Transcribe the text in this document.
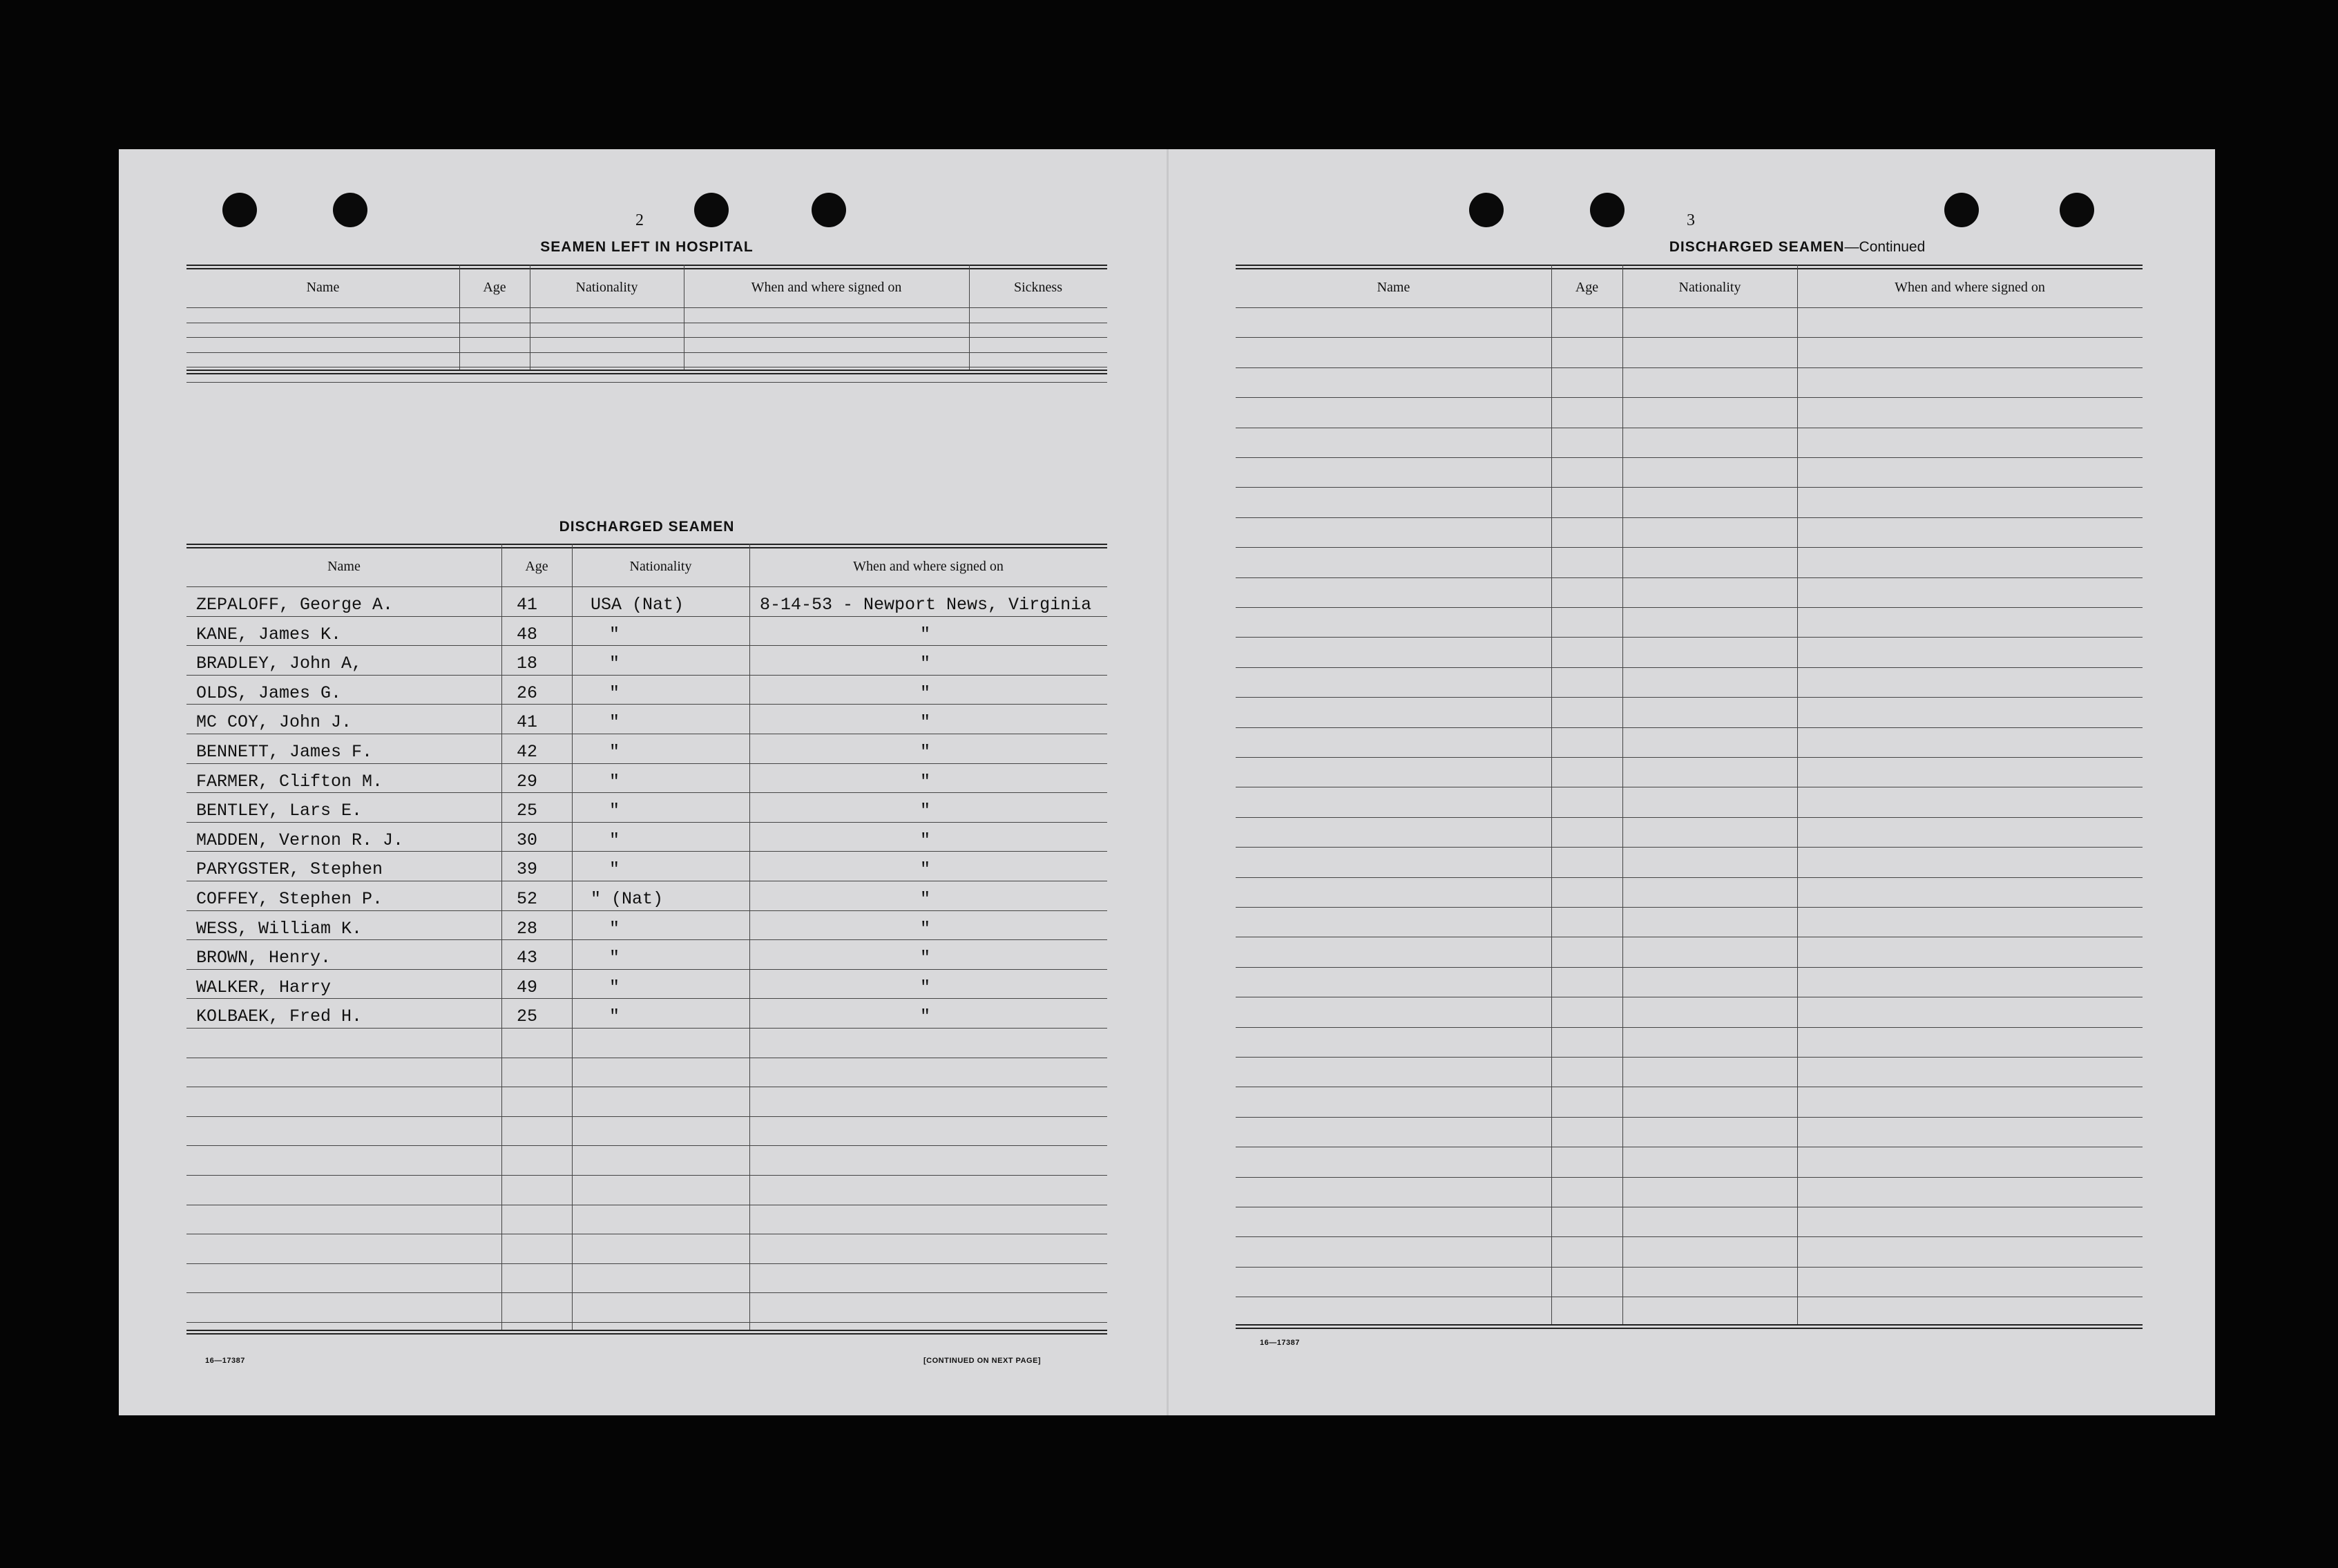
2
SEAMEN LEFT IN HOSPITAL
Name	Age	Nationality	When and where signed on	Sickness
DISCHARGED SEAMEN
Name	Age	Nationality	When and where signed on
ZEPALOFF, George A.	41	USA (Nat)	8-14-53 - Newport News, Virginia
KANE, James K.	48	"	"
BRADLEY, John A,	18	"	"
OLDS, James G.	26	"	"
MC COY, John J.	41	"	"
BENNETT, James F.	42	"	"
FARMER, Clifton M.	29	"	"
BENTLEY, Lars E.	25	"	"
MADDEN, Vernon R. J.	30	"	"
PARYGSTER, Stephen	39	"	"
COFFEY, Stephen P.	52	" (Nat)	"
WESS, William K.	28	"	"
BROWN, Henry.	43	"	"
WALKER, Harry	49	"	"
KOLBAEK, Fred H.	25	"	"
16—17387	[CONTINUED ON NEXT PAGE]
3
DISCHARGED SEAMEN—Continued
Name	Age	Nationality	When and where signed on
16—17387
